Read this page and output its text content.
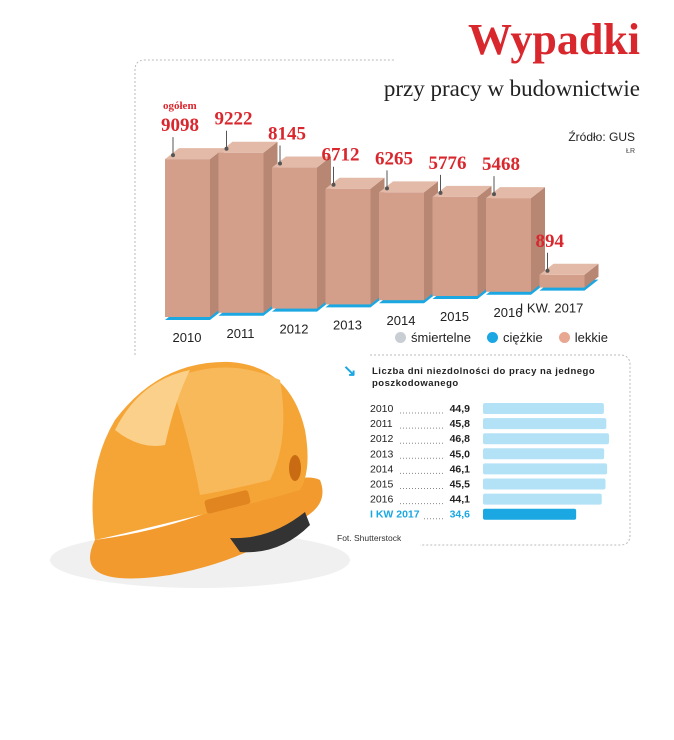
Wypadki
przy pracy w budownictwie
Źródło: GUS
ŁR
9098
ogółem
2010
9222
2011
8145
2012
6712
2013
6265
2014
5776
2015
5468
2016
894
I KW. 2017
śmiertelne ciężkie lekkie
↘ Liczba dni niezdolności do pracy na jednego poszkodowanego
2010	44,9
2011	45,8
2012	46,8
2013	45,0
2014	46,1
2015	45,5
2016	44,1
I KW 2017	34,6
Fot. Shutterstock
